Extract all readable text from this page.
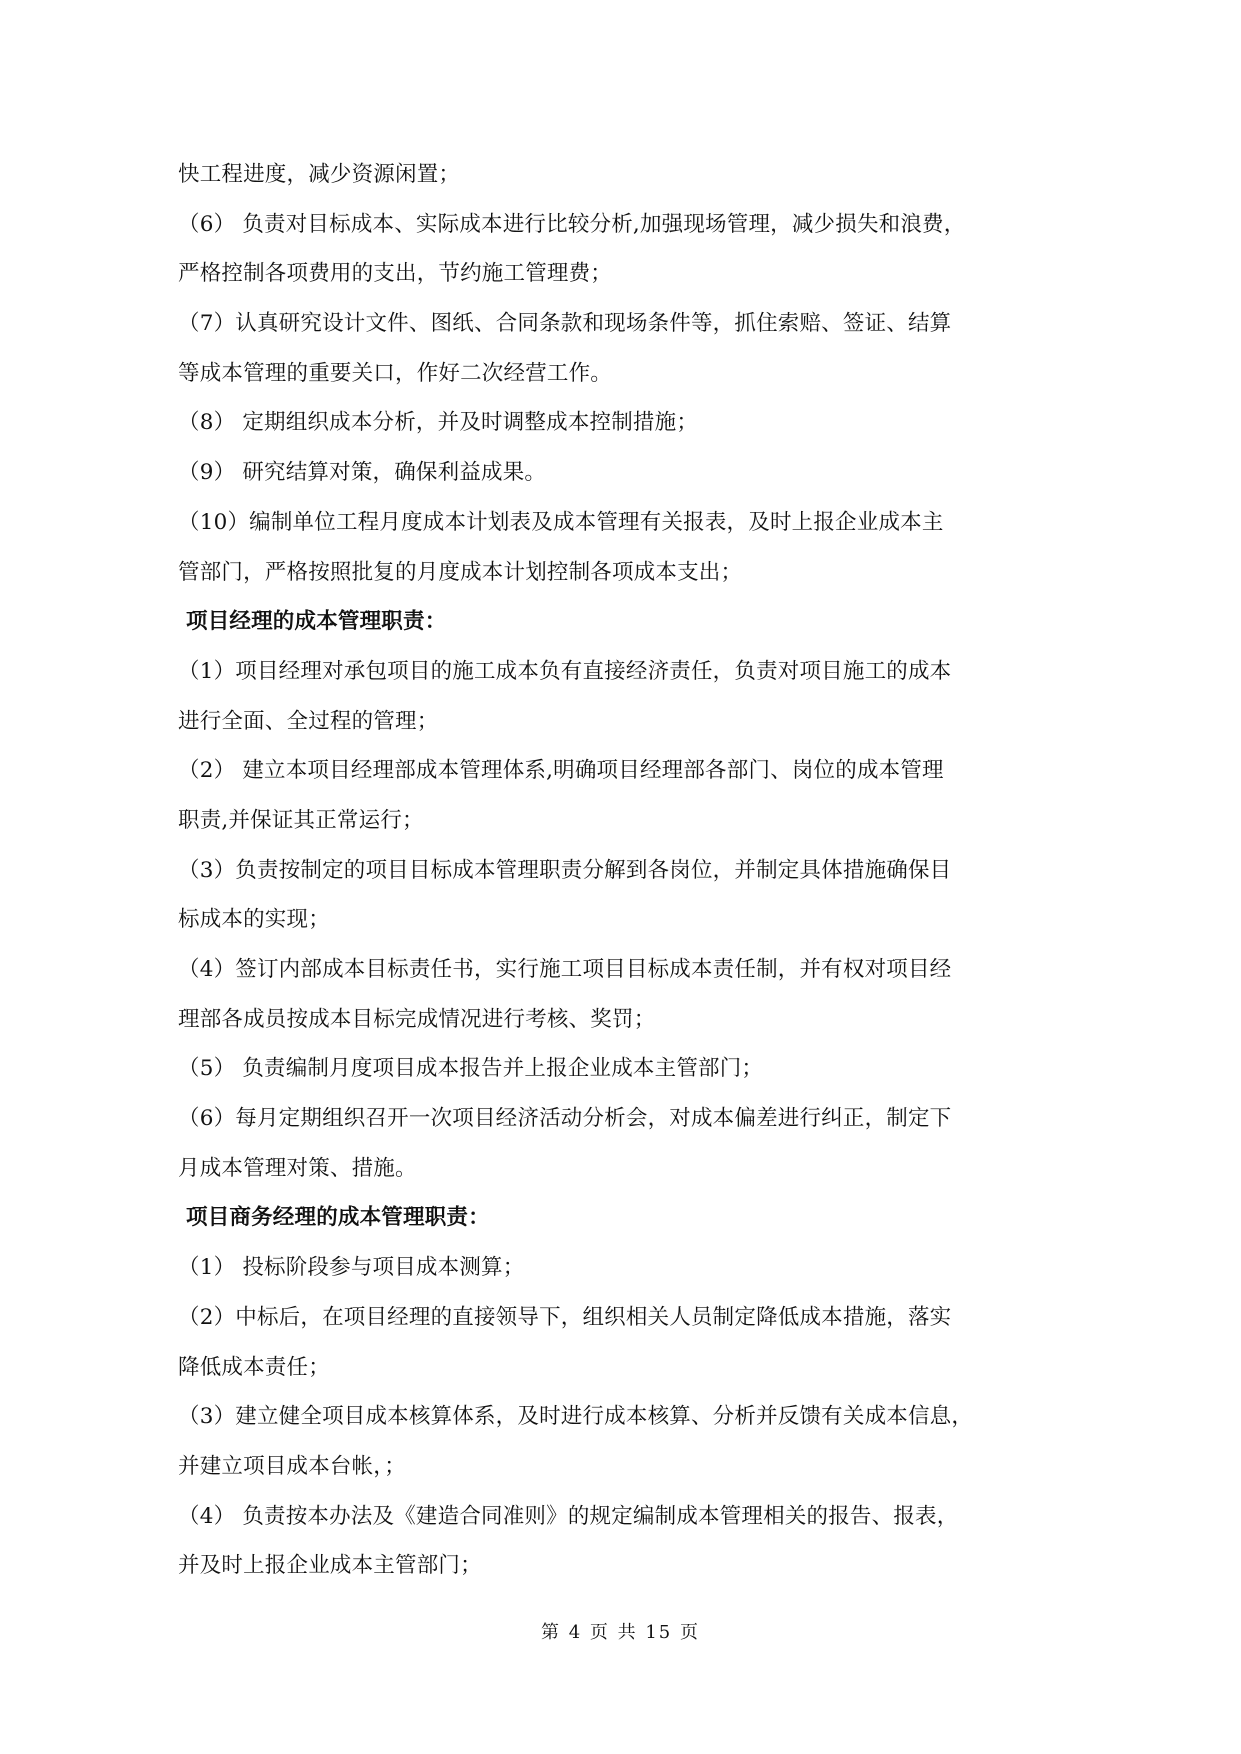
快工程进度，减少资源闲置；
（6） 负责对目标成本、实际成本进行比较分析,加强现场管理，减少损失和浪费，
严格控制各项费用的支出，节约施工管理费；
（7）认真研究设计文件、图纸、合同条款和现场条件等，抓住索赔、签证、结算
等成本管理的重要关口，作好二次经营工作。
（8） 定期组织成本分析，并及时调整成本控制措施；
（9） 研究结算对策，确保利益成果。
（10）编制单位工程月度成本计划表及成本管理有关报表，及时上报企业成本主
管部门，严格按照批复的月度成本计划控制各项成本支出；
项目经理的成本管理职责：
（1）项目经理对承包项目的施工成本负有直接经济责任，负责对项目施工的成本
进行全面、全过程的管理；
（2） 建立本项目经理部成本管理体系,明确项目经理部各部门、岗位的成本管理
职责,并保证其正常运行；
（3）负责按制定的项目目标成本管理职责分解到各岗位，并制定具体措施确保目
标成本的实现；
（4）签订内部成本目标责任书，实行施工项目目标成本责任制，并有权对项目经
理部各成员按成本目标完成情况进行考核、奖罚；
（5） 负责编制月度项目成本报告并上报企业成本主管部门；
（6）每月定期组织召开一次项目经济活动分析会，对成本偏差进行纠正，制定下
月成本管理对策、措施。
项目商务经理的成本管理职责：
（1） 投标阶段参与项目成本测算；
（2）中标后，在项目经理的直接领导下，组织相关人员制定降低成本措施，落实
降低成本责任；
（3）建立健全项目成本核算体系，及时进行成本核算、分析并反馈有关成本信息，
并建立项目成本台帐，；
（4） 负责按本办法及《建造合同准则》的规定编制成本管理相关的报告、报表，
并及时上报企业成本主管部门；
第 4 页 共 15 页
